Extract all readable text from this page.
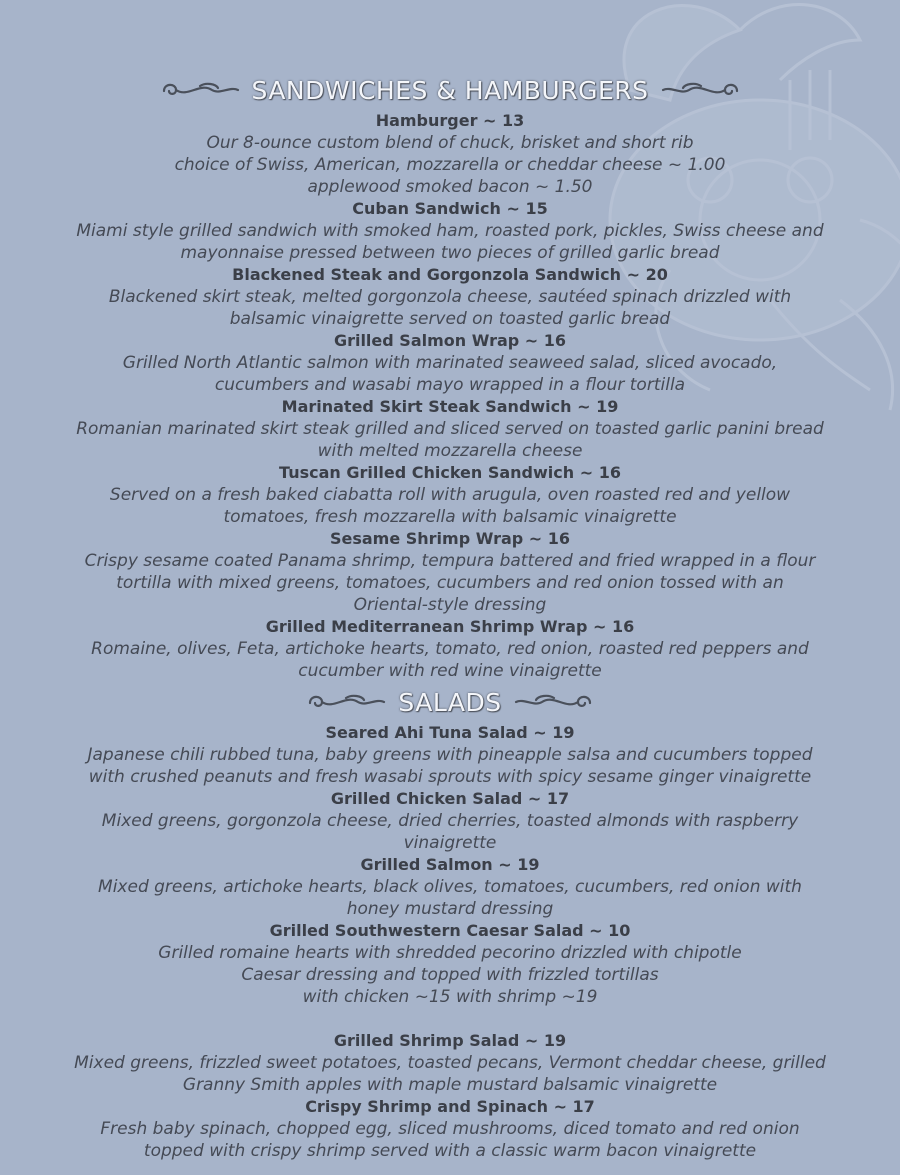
SANDWICHES & HAMBURGERS
Hamburger ~ 13
Our 8-ounce custom blend of chuck, brisket and short rib
choice of Swiss, American, mozzarella or cheddar cheese ~ 1.00
applewood smoked bacon ~ 1.50
Cuban Sandwich ~ 15
Miami style grilled sandwich with smoked ham, roasted pork, pickles, Swiss cheese and
mayonnaise pressed between two pieces of grilled garlic bread
Blackened Steak and Gorgonzola Sandwich ~ 20
Blackened skirt steak, melted gorgonzola cheese, sautéed spinach drizzled with
balsamic vinaigrette served on toasted garlic bread
Grilled Salmon Wrap ~ 16
Grilled North Atlantic salmon with marinated seaweed salad, sliced avocado,
cucumbers and wasabi mayo wrapped in a flour tortilla
Marinated Skirt Steak Sandwich ~ 19
Romanian marinated skirt steak grilled and sliced served on toasted garlic panini bread
with melted mozzarella cheese
Tuscan Grilled Chicken Sandwich ~ 16
Served on a fresh baked ciabatta roll with arugula, oven roasted red and yellow
tomatoes, fresh mozzarella with balsamic vinaigrette
Sesame Shrimp Wrap ~ 16
Crispy sesame coated Panama shrimp, tempura battered and fried wrapped in a flour
tortilla with mixed greens, tomatoes, cucumbers and red onion tossed with an
Oriental-style dressing
Grilled Mediterranean Shrimp Wrap ~ 16
Romaine, olives, Feta, artichoke hearts, tomato, red onion, roasted red peppers and
cucumber with red wine vinaigrette
SALADS
Seared Ahi Tuna Salad ~ 19
Japanese chili rubbed tuna, baby greens with pineapple salsa and cucumbers topped
with crushed peanuts and fresh wasabi sprouts with spicy sesame ginger vinaigrette
Grilled Chicken Salad ~ 17
Mixed greens, gorgonzola cheese, dried cherries, toasted almonds with raspberry
vinaigrette
Grilled Salmon ~ 19
Mixed greens, artichoke hearts, black olives, tomatoes, cucumbers, red onion with
honey mustard dressing
Grilled Southwestern Caesar Salad ~ 10
Grilled romaine hearts with shredded pecorino drizzled with chipotle
Caesar dressing and topped with frizzled tortillas
with chicken ~15 with shrimp ~19
Grilled Shrimp Salad ~ 19
Mixed greens, frizzled sweet potatoes, toasted pecans, Vermont cheddar cheese, grilled
Granny Smith apples with maple mustard balsamic vinaigrette
Crispy Shrimp and Spinach ~ 17
Fresh baby spinach, chopped egg, sliced mushrooms, diced tomato and red onion
topped with crispy shrimp served with a classic warm bacon vinaigrette
